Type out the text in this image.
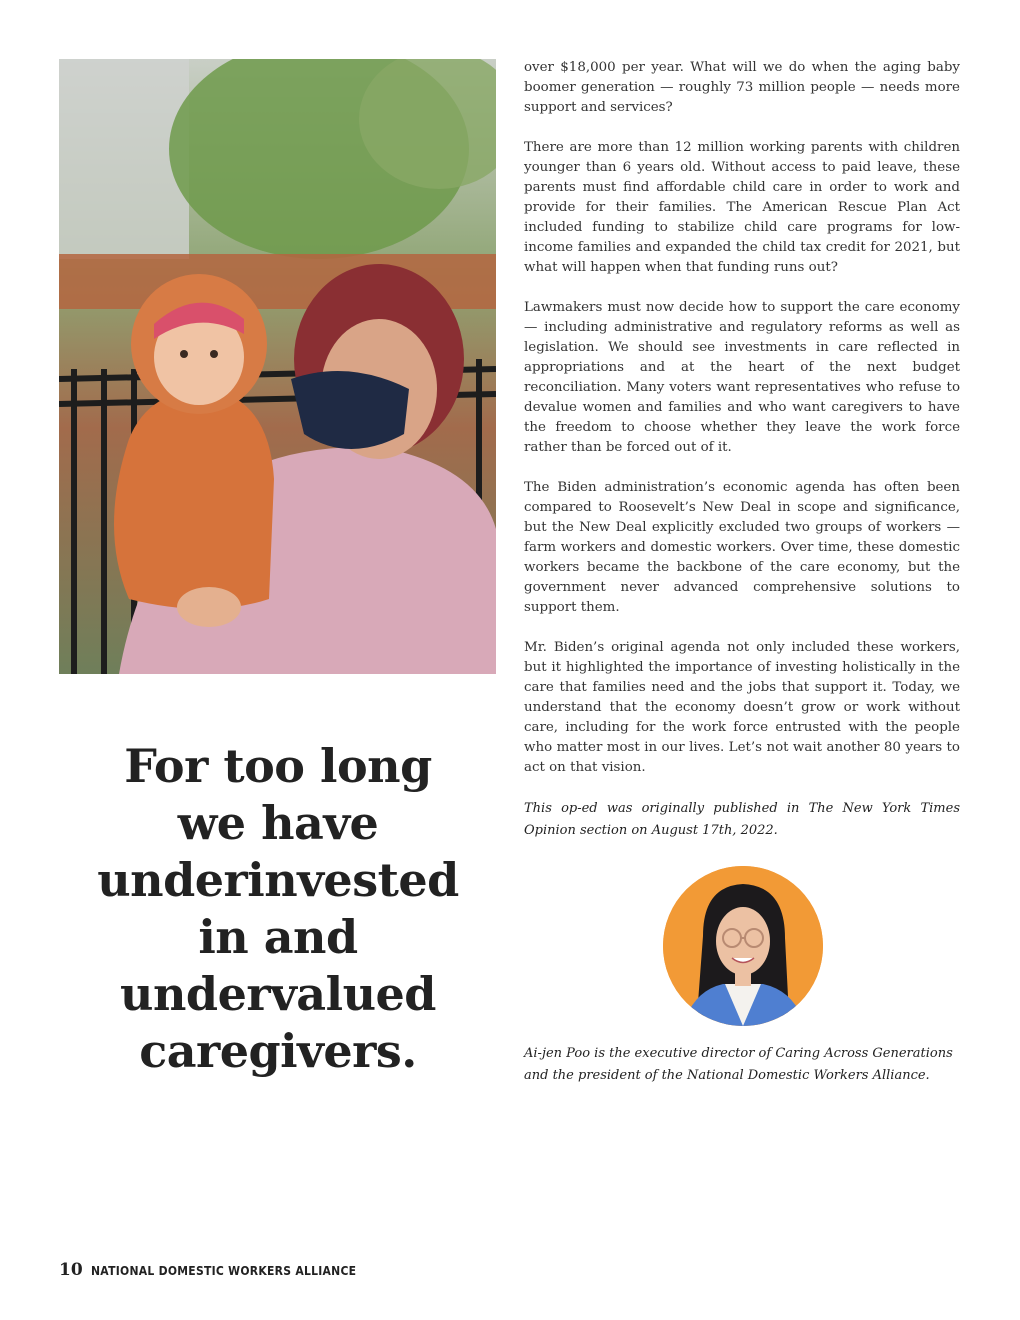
For too long
we have
underinvested
in and
undervalued
caregivers.

over $18,000 per year. What will we do when the aging baby boomer generation — roughly 73 million people — needs more support and services?

There are more than 12 million working parents with children younger than 6 years old. Without access to paid leave, these parents must find affordable child care in order to work and provide for their families. The American Rescue Plan Act included funding to stabilize child care programs for low-income families and expanded the child tax credit for 2021, but what will happen when that funding runs out?

Lawmakers must now decide how to support the care economy — including administrative and regulatory reforms as well as legislation. We should see investments in care reflected in appropriations and at the heart of the next budget reconciliation. Many voters want representatives who refuse to devalue women and families and who want caregivers to have the freedom to choose whether they leave the work force rather than be forced out of it.

The Biden administration’s economic agenda has often been compared to Roosevelt’s New Deal in scope and significance, but the New Deal explicitly excluded two groups of workers — farm workers and domestic workers. Over time, these domestic workers became the backbone of the care economy, but the government never advanced comprehensive solutions to support them.

Mr. Biden’s original agenda not only included these workers, but it highlighted the importance of investing holistically in the care that families need and the jobs that support it. Today, we understand that the economy doesn’t grow or work without care, including for the work force entrusted with the people who matter most in our lives. Let’s not wait another 80 years to act on that vision.

This op-ed was originally published in The New York Times Opinion section on August 17th, 2022.

Ai-jen Poo is the executive director of Caring Across Generations
and the president of the National Domestic Workers Alliance.

10 NATIONAL DOMESTIC WORKERS ALLIANCE
